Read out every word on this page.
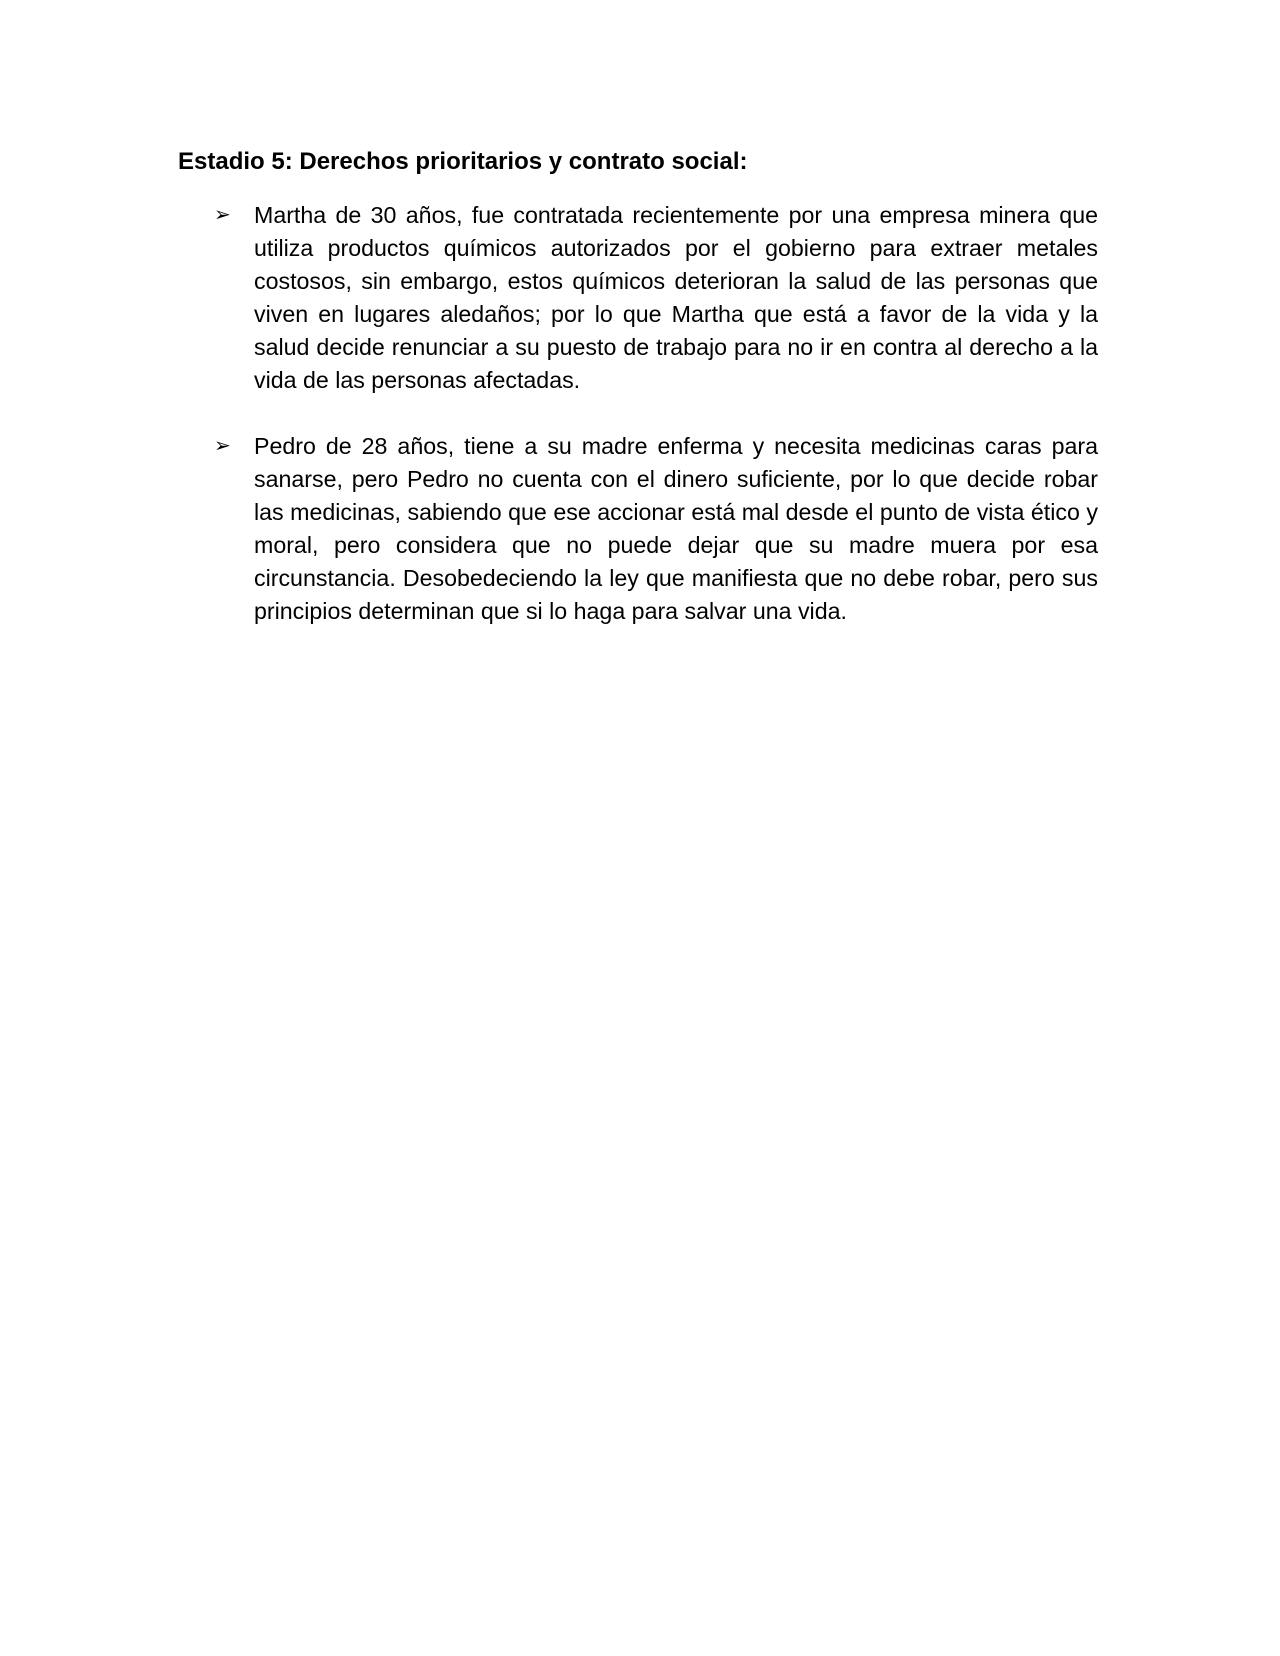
Estadio 5: Derechos prioritarios y contrato social:
➢ Martha de 30 años, fue contratada recientemente por una empresa minera que utiliza productos químicos autorizados por el gobierno para extraer metales costosos, sin embargo, estos químicos deterioran la salud de las personas que viven en lugares aledaños; por lo que Martha que está a favor de la vida y la salud decide renunciar a su puesto de trabajo para no ir en contra al derecho a la vida de las personas afectadas.
➢ Pedro de 28 años, tiene a su madre enferma y necesita medicinas caras para sanarse, pero Pedro no cuenta con el dinero suficiente, por lo que decide robar las medicinas, sabiendo que ese accionar está mal desde el punto de vista ético y moral, pero considera que no puede dejar que su madre muera por esa circunstancia. Desobedeciendo la ley que manifiesta que no debe robar, pero sus principios determinan que si lo haga para salvar una vida.
